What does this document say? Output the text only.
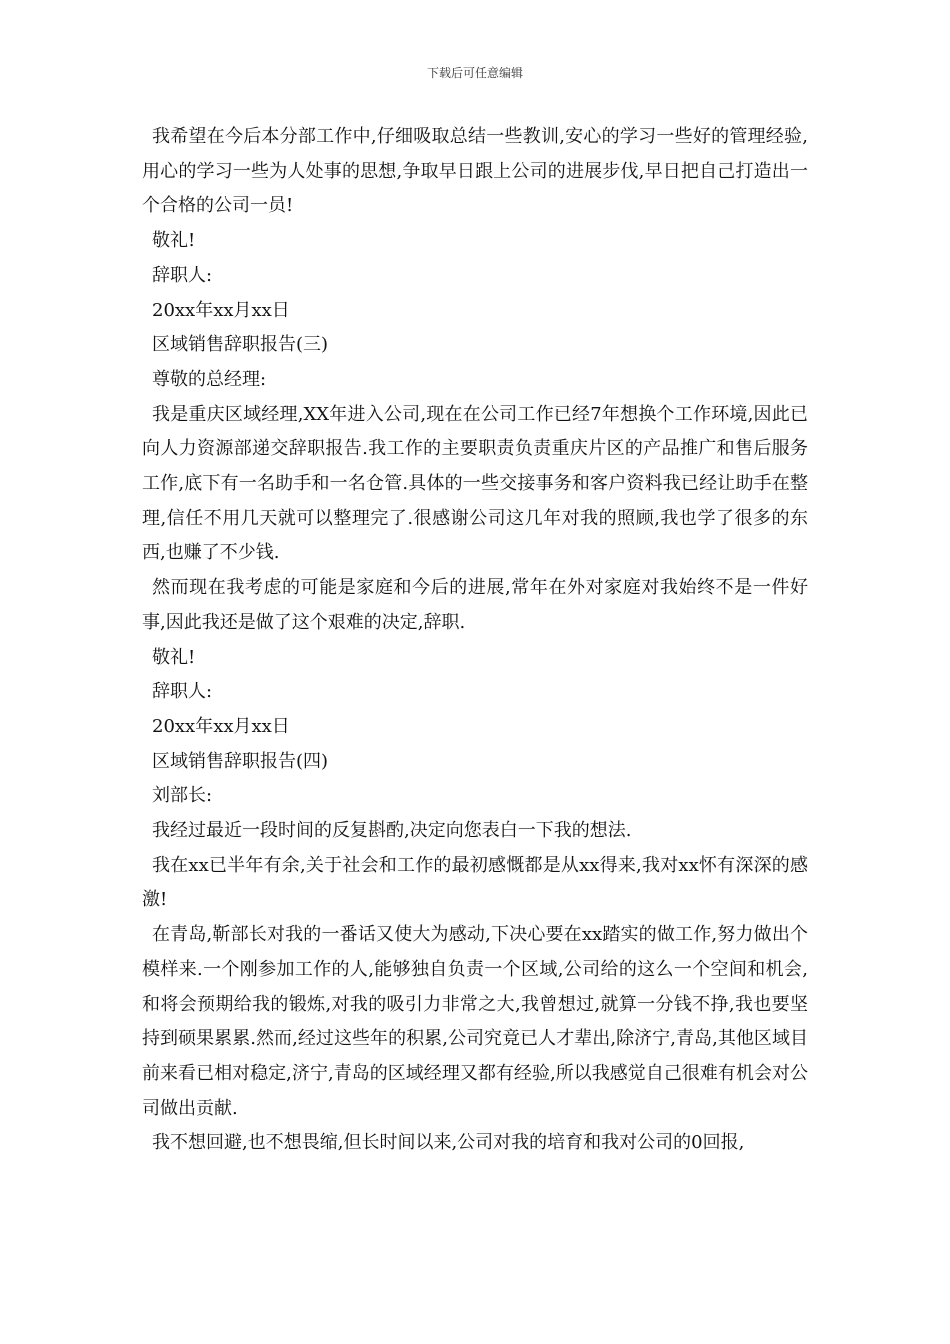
下载后可任意编辑

我希望在今后本分部工作中,仔细吸取总结一些教训,安心的学习一些好的管理经验,用心的学习一些为人处事的思想,争取早日跟上公司的进展步伐,早日把自己打造出一个合格的公司一员!

敬礼!

辞职人:

20xx年xx月xx日

区域销售辞职报告(三)

尊敬的总经理:

我是重庆区域经理,XX年进入公司,现在在公司工作已经7年想换个工作环境,因此已向人力资源部递交辞职报告.我工作的主要职责负责重庆片区的产品推广和售后服务工作,底下有一名助手和一名仓管.具体的一些交接事务和客户资料我已经让助手在整理,信任不用几天就可以整理完了.很感谢公司这几年对我的照顾,我也学了很多的东西,也赚了不少钱.

然而现在我考虑的可能是家庭和今后的进展,常年在外对家庭对我始终不是一件好事,因此我还是做了这个艰难的决定,辞职.

敬礼!

辞职人:

20xx年xx月xx日

区域销售辞职报告(四)

刘部长:

我经过最近一段时间的反复斟酌,决定向您表白一下我的想法.

我在xx已半年有余,关于社会和工作的最初感慨都是从xx得来,我对xx怀有深深的感激!

在青岛,靳部长对我的一番话又使大为感动,下决心要在xx踏实的做工作,努力做出个模样来.一个刚参加工作的人,能够独自负责一个区域,公司给的这么一个空间和机会,和将会预期给我的锻炼,对我的吸引力非常之大,我曾想过,就算一分钱不挣,我也要坚持到硕果累累.然而,经过这些年的积累,公司究竟已人才辈出,除济宁,青岛,其他区域目前来看已相对稳定,济宁,青岛的区域经理又都有经验,所以我感觉自己很难有机会对公司做出贡献.

我不想回避,也不想畏缩,但长时间以来,公司对我的培育和我对公司的0回报,
